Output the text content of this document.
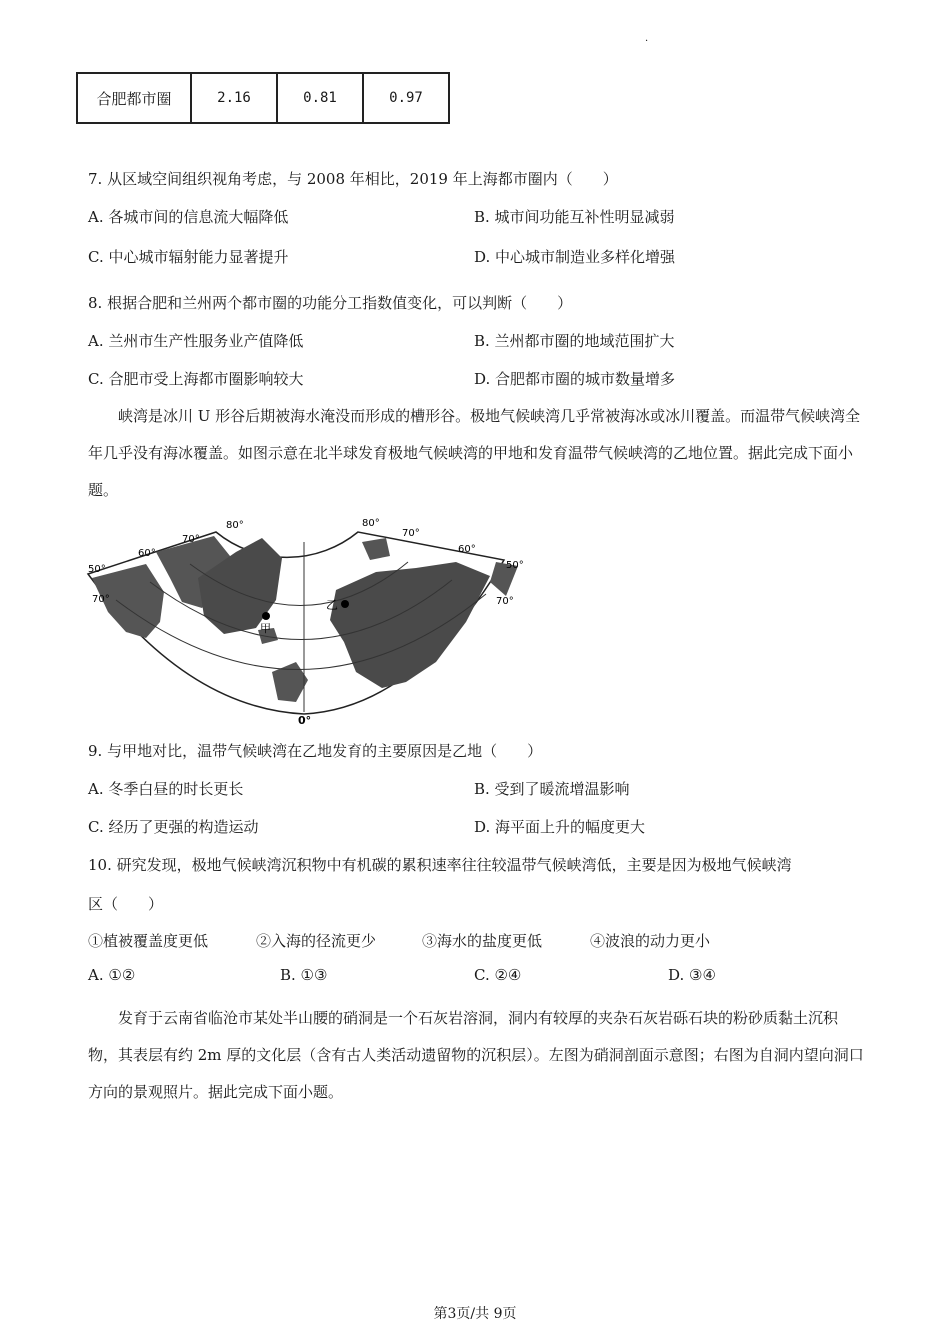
·
合肥都市圈	2.16	0.81	0.97
7. 从区域空间组织视角考虑，与 2008 年相比，2019 年上海都市圈内（　　）
A. 各城市间的信息流大幅降低	B. 城市间功能互补性明显减弱
C. 中心城市辐射能力显著提升	D. 中心城市制造业多样化增强
8. 根据合肥和兰州两个都市圈的功能分工指数值变化，可以判断（　　）
A. 兰州市生产性服务业产值降低	B. 兰州都市圈的地域范围扩大
C. 合肥市受上海都市圈影响较大	D. 合肥都市圈的城市数量增多
峡湾是冰川 U 形谷后期被海水淹没而形成的槽形谷。极地气候峡湾几乎常被海冰或冰川覆盖。而温带气候峡湾全年几乎没有海冰覆盖。如图示意在北半球发育极地气候峡湾的甲地和发育温带气候峡湾的乙地位置。据此完成下面小题。
甲
乙
50°
60°
70°
80°	80°
70°
60°
50°
70°	70°
0°
9. 与甲地对比，温带气候峡湾在乙地发育的主要原因是乙地（　　）
A. 冬季白昼的时长更长	B. 受到了暖流增温影响
C. 经历了更强的构造运动	D. 海平面上升的幅度更大
10. 研究发现，极地气候峡湾沉积物中有机碳的累积速率往往较温带气候峡湾低，主要是因为极地气候峡湾
区（　　）
①植被覆盖度更低	②入海的径流更少	③海水的盐度更低	④波浪的动力更小
A. ①②	B. ①③	C. ②④	D. ③④
发育于云南省临沧市某处半山腰的硝洞是一个石灰岩溶洞，洞内有较厚的夹杂石灰岩砾石块的粉砂质黏土沉积物，其表层有约 2m 厚的文化层（含有古人类活动遗留物的沉积层）。左图为硝洞剖面示意图；右图为自洞内望向洞口方向的景观照片。据此完成下面小题。
第3页/共 9页
